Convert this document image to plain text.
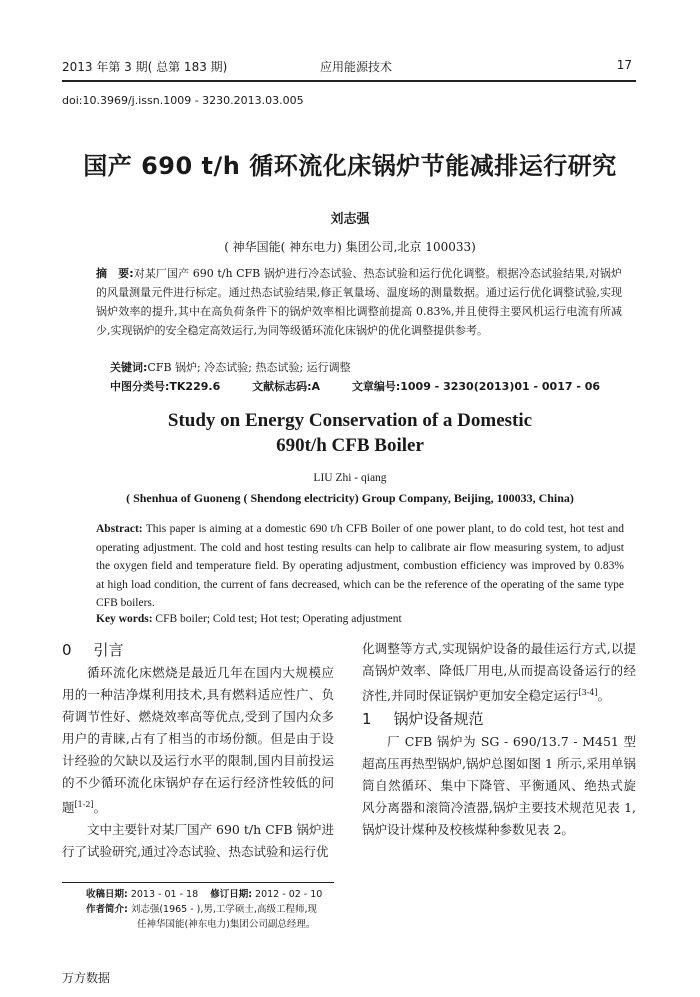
2013 年第 3 期( 总第 183 期)	应用能源技术	17
doi:10.3969/j.issn.1009 - 3230.2013.03.005
国产 690 t/h 循环流化床锅炉节能减排运行研究
刘志强
( 神华国能( 神东电力) 集团公司,北京 100033)
摘　要:对某厂国产 690 t/h CFB 锅炉进行冷态试验、热态试验和运行优化调整。根据冷态试验结果,对锅炉的风量测量元件进行标定。通过热态试验结果,修正氧量场、温度场的测量数据。通过运行优化调整试验,实现锅炉效率的提升,其中在高负荷条件下的锅炉效率相比调整前提高 0.83%,并且使得主要风机运行电流有所减少,实现锅炉的安全稳定高效运行,为同等级循环流化床锅炉的优化调整提供参考。
关键词:CFB 锅炉; 冷态试验; 热态试验; 运行调整
中图分类号:TK229.6	文献标志码:A	文章编号:1009 - 3230(2013)01 - 0017 - 06
Study on Energy Conservation of a Domestic
690t/h CFB Boiler
LIU Zhi - qiang
( Shenhua of Guoneng ( Shendong electricity) Group Company, Beijing, 100033, China)
Abstract: This paper is aiming at a domestic 690 t/h CFB Boiler of one power plant, to do cold test, hot test and operating adjustment. The cold and host testing results can help to calibrate air flow measuring system, to adjust the oxygen field and temperature field. By operating adjustment, combustion efficiency was improved by 0.83% at high load condition, the current of fans decreased, which can be the reference of the operating of the same type CFB boilers.
Key words: CFB boiler; Cold test; Hot test; Operating adjustment
0 引言

循环流化床燃烧是最近几年在国内大规模应用的一种洁净煤利用技术,具有燃料适应性广、负荷调节性好、燃烧效率高等优点,受到了国内众多用户的青睐,占有了相当的市场份额。但是由于设计经验的欠缺以及运行水平的限制,国内目前投运的不少循环流化床锅炉存在运行经济性较低的问题[1-2]。

文中主要针对某厂国产 690 t/h CFB 锅炉进行了试验研究,通过冷态试验、热态试验和运行优

化调整等方式,实现锅炉设备的最佳运行方式,以提高锅炉效率、降低厂用电,从而提高设备运行的经济性,并同时保证锅炉更加安全稳定运行[3-4]。

1 锅炉设备规范

厂 CFB 锅炉为 SG - 690/13.7 - M451 型超高压再热型锅炉,锅炉总图如图 1 所示,采用单锅筒自然循环、集中下降管、平衡通风、绝热式旋风分离器和滚筒冷渣器,锅炉主要技术规范见表 1,锅炉设计煤种及校核煤种参数见表 2。

收稿日期: 2013 - 01 - 18 修订日期: 2012 - 02 - 10
作者简介: 刘志强(1965 - ),男,工学硕士,高级工程师,现
任神华国能(神东电力)集团公司副总经理。
万方数据
